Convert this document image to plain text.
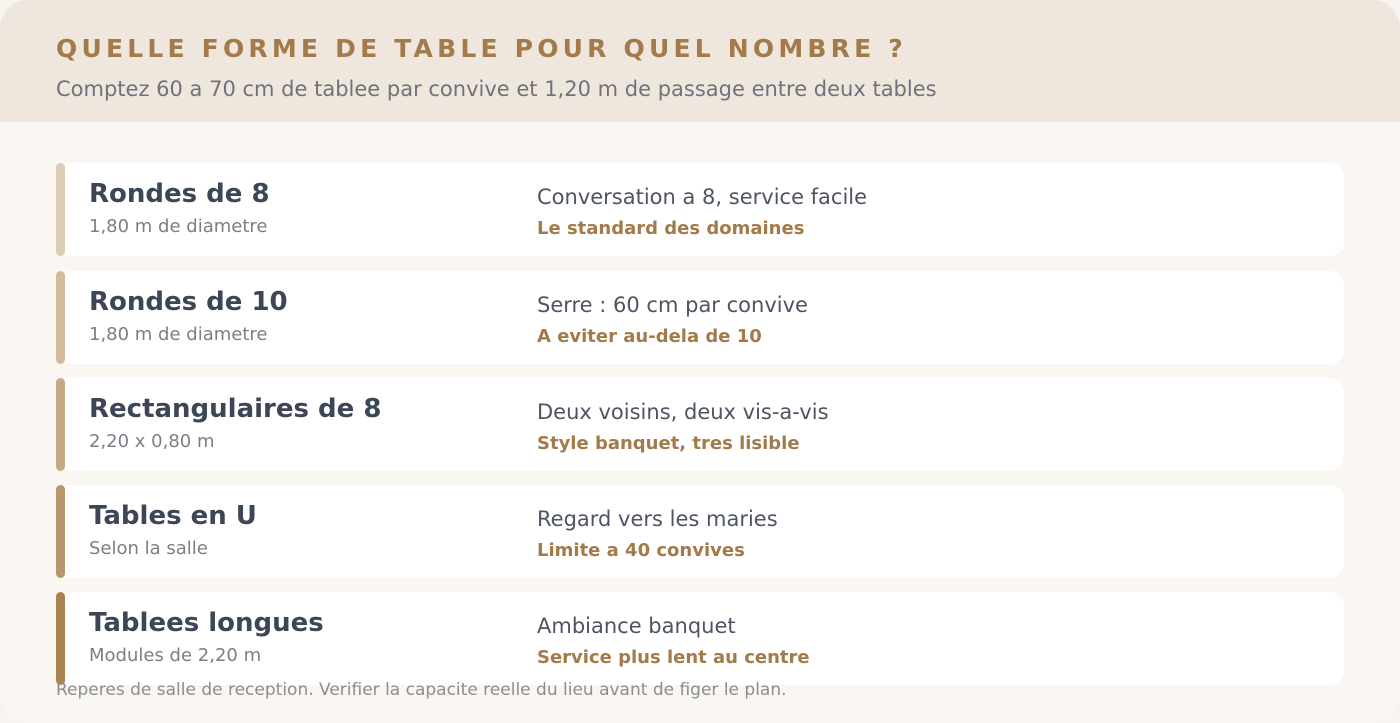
QUELLE FORME DE TABLE POUR QUEL NOMBRE ?
Comptez 60 a 70 cm de tablee par convive et 1,20 m de passage entre deux tables
Rondes de 8
1,80 m de diametre
Conversation a 8, service facile
Le standard des domaines
Rondes de 10
1,80 m de diametre
Serre : 60 cm par convive
A eviter au-dela de 10
Rectangulaires de 8
2,20 x 0,80 m
Deux voisins, deux vis-a-vis
Style banquet, tres lisible
Tables en U
Selon la salle
Regard vers les maries
Limite a 40 convives
Tablees longues
Modules de 2,20 m
Ambiance banquet
Service plus lent au centre
Reperes de salle de reception. Verifier la capacite reelle du lieu avant de figer le plan.
